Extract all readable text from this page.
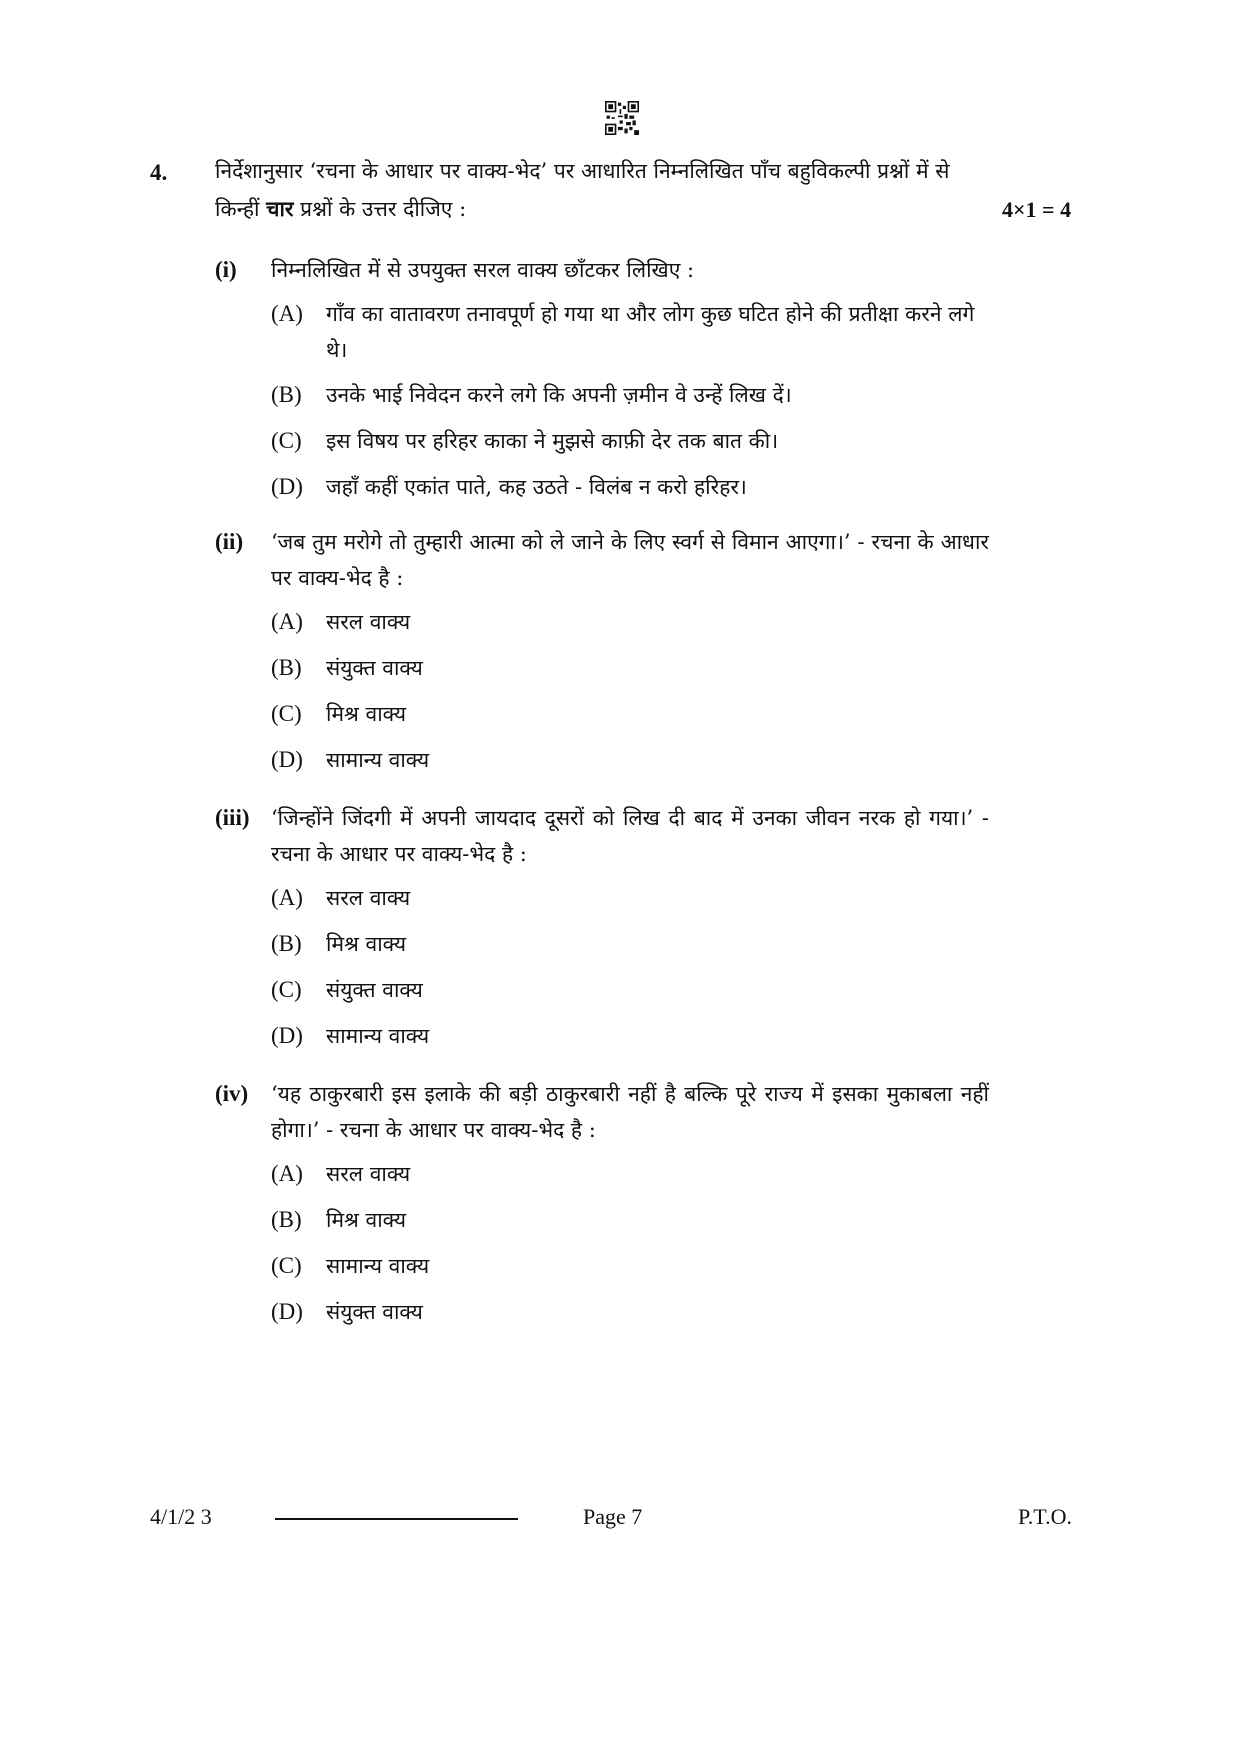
4. निर्देशानुसार ‘रचना के आधार पर वाक्य-भेद’ पर आधारित निम्नलिखित पाँच बहुविकल्पी प्रश्नों में से किन्हीं चार प्रश्नों के उत्तर दीजिए :	4×1 = 4
(i) निम्नलिखित में से उपयुक्त सरल वाक्य छाँटकर लिखिए :
(A) गाँव का वातावरण तनावपूर्ण हो गया था और लोग कुछ घटित होने की प्रतीक्षा करने लगे थे।
(B) उनके भाई निवेदन करने लगे कि अपनी ज़मीन वे उन्हें लिख दें।
(C) इस विषय पर हरिहर काका ने मुझसे काफ़ी देर तक बात की।
(D) जहाँ कहीं एकांत पाते, कह उठते - विलंब न करो हरिहर।
(ii) ‘जब तुम मरोगे तो तुम्हारी आत्मा को ले जाने के लिए स्वर्ग से विमान आएगा।’ - रचना के आधार पर वाक्य-भेद है :
(A) सरल वाक्य
(B) संयुक्त वाक्य
(C) मिश्र वाक्य
(D) सामान्य वाक्य
(iii) ‘जिन्होंने जिंदगी में अपनी जायदाद दूसरों को लिख दी बाद में उनका जीवन नरक हो गया।’ - रचना के आधार पर वाक्य-भेद है :
(A) सरल वाक्य
(B) मिश्र वाक्य
(C) संयुक्त वाक्य
(D) सामान्य वाक्य
(iv) ‘यह ठाकुरबारी इस इलाके की बड़ी ठाकुरबारी नहीं है बल्कि पूरे राज्य में इसका मुकाबला नहीं होगा।’ - रचना के आधार पर वाक्य-भेद है :
(A) सरल वाक्य
(B) मिश्र वाक्य
(C) सामान्य वाक्य
(D) संयुक्त वाक्य
4/1/2 3	Page 7	P.T.O.
